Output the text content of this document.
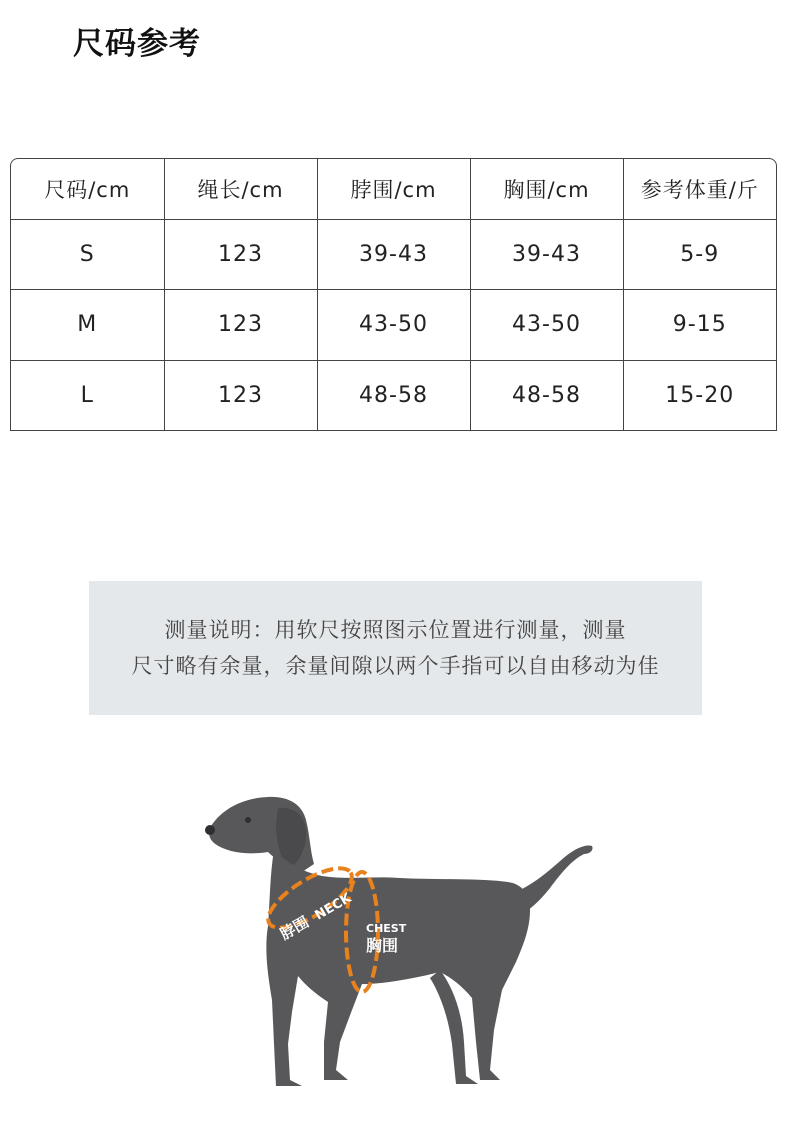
尺码参考
尺码/cm	绳长/cm	脖围/cm	胸围/cm	参考体重/斤
S	123	39-43	39-43	5-9
M	123	43-50	43-50	9-15
L	123	48-58	48-58	15-20
测量说明：用软尺按照图示位置进行测量，测量
尺寸略有余量，余量间隙以两个手指可以自由移动为佳
脖围
NECK
CHEST
胸围
